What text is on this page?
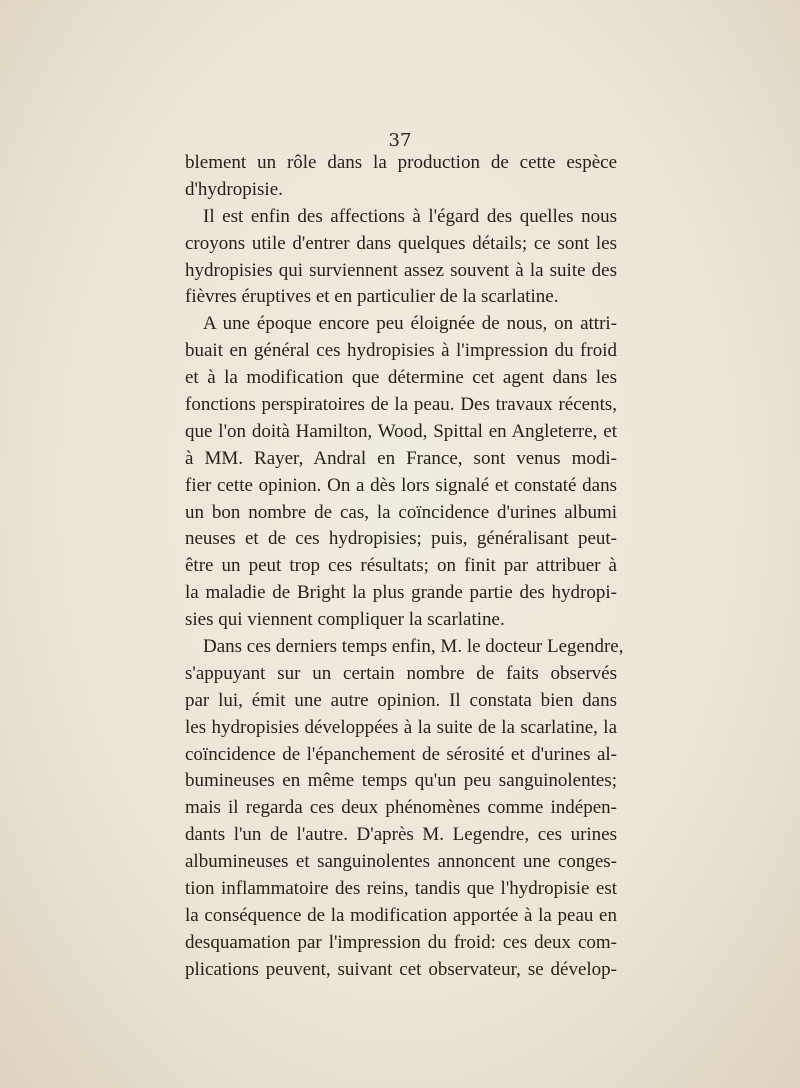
37
blement un rôle dans la production de cette espèce
d'hydropisie.
Il est enfin des affections à l'égard des quelles nous
croyons utile d'entrer dans quelques détails; ce sont les
hydropisies qui surviennent assez souvent à la suite des
fièvres éruptives et en particulier de la scarlatine.
A une époque encore peu éloignée de nous, on attri-
buait en général ces hydropisies à l'impression du froid
et à la modification que détermine cet agent dans les
fonctions perspiratoires de la peau. Des travaux récents,
que l'on doità Hamilton, Wood, Spittal en Angleterre, et
à MM. Rayer, Andral en France, sont venus modi-
fier cette opinion. On a dès lors signalé et constaté dans
un bon nombre de cas, la coïncidence d'urines albumi
neuses et de ces hydropisies; puis, généralisant peut-
être un peut trop ces résultats; on finit par attribuer à
la maladie de Bright la plus grande partie des hydropi-
sies qui viennent compliquer la scarlatine.
Dans ces derniers temps enfin, M. le docteur Legendre,
s'appuyant sur un certain nombre de faits observés
par lui, émit une autre opinion. Il constata bien dans
les hydropisies développées à la suite de la scarlatine, la
coïncidence de l'épanchement de sérosité et d'urines al-
bumineuses en même temps qu'un peu sanguinolentes;
mais il regarda ces deux phénomènes comme indépen-
dants l'un de l'autre. D'après M. Legendre, ces urines
albumineuses et sanguinolentes annoncent une conges-
tion inflammatoire des reins, tandis que l'hydropisie est
la conséquence de la modification apportée à la peau en
desquamation par l'impression du froid: ces deux com-
plications peuvent, suivant cet observateur, se dévelop-
